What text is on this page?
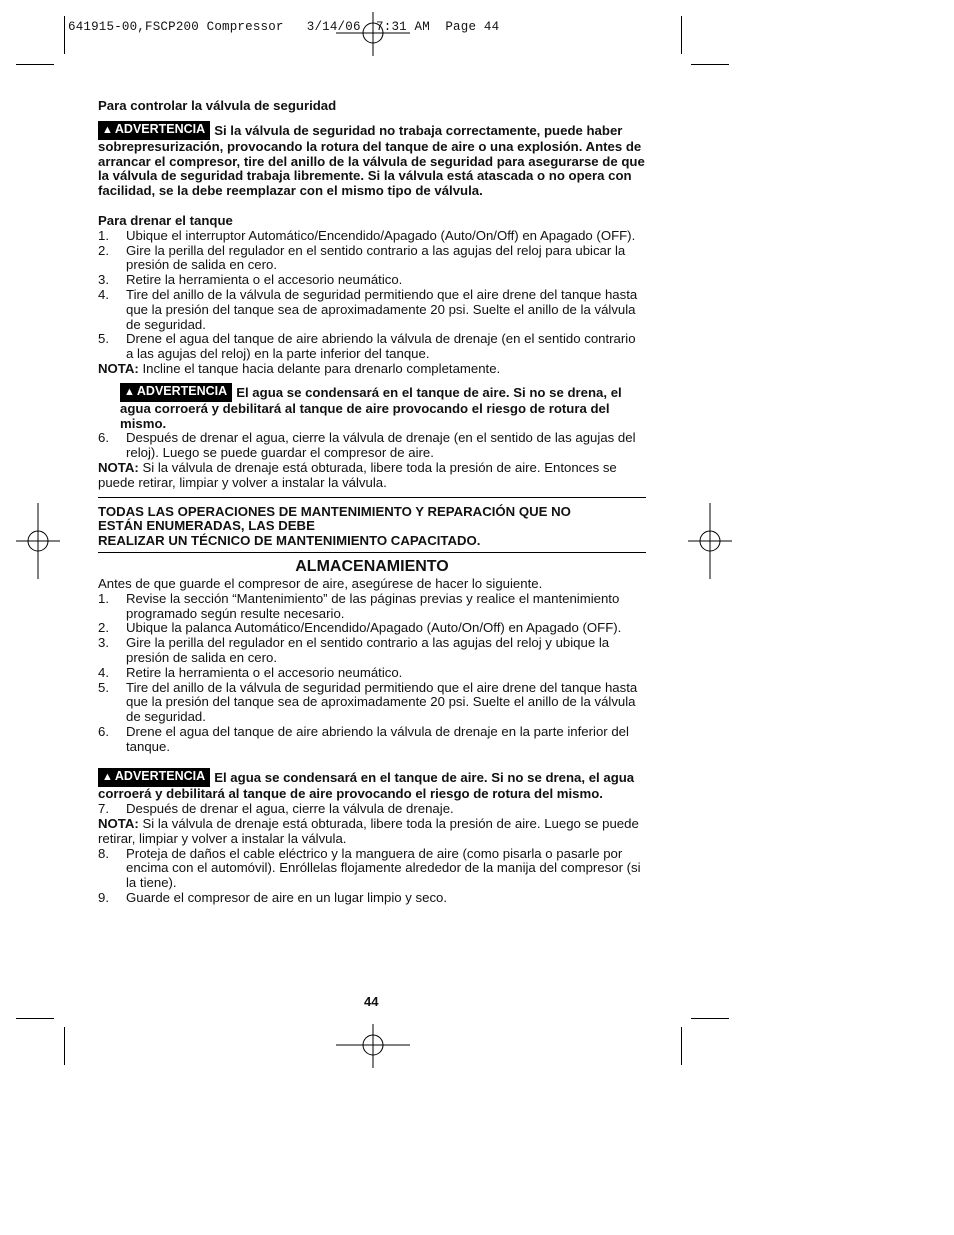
641915-00,FSCP200 Compressor   3/14/06  7:31 AM  Page 44

Para controlar la válvula de seguridad

▲ ADVERTENCIA Si la válvula de seguridad no trabaja correctamente, puede haber sobrepresurización, provocando la rotura del tanque de aire o una explosión. Antes de arrancar el compresor, tire del anillo de la válvula de seguridad para asegurarse de que la válvula de seguridad trabaja libremente. Si la válvula está atascada o no opera con facilidad, se la debe reemplazar con el mismo tipo de válvula.

Para drenar el tanque

1. Ubique el interruptor Automático/Encendido/Apagado (Auto/On/Off) en Apagado (OFF).
2. Gire la perilla del regulador en el sentido contrario a las agujas del reloj para ubicar la presión de salida en cero.
3. Retire la herramienta o el accesorio neumático.
4. Tire del anillo de la válvula de seguridad permitiendo que el aire drene del tanque hasta que la presión del tanque sea de aproximadamente 20 psi. Suelte el anillo de la válvula de seguridad.
5. Drene el agua del tanque de aire abriendo la válvula de drenaje (en el sentido contrario a las agujas del reloj) en la parte inferior del tanque.

NOTA: Incline el tanque hacia delante para drenarlo completamente.

▲ ADVERTENCIA El agua se condensará en el tanque de aire. Si no se drena, el agua corroerá y debilitará al tanque de aire provocando el riesgo de rotura del mismo.

6. Después de drenar el agua, cierre la válvula de drenaje (en el sentido de las agujas del reloj). Luego se puede guardar el compresor de aire.

NOTA: Si la válvula de drenaje está obturada, libere toda la presión de aire. Entonces se puede retirar, limpiar y volver a instalar la válvula.

TODAS LAS OPERACIONES DE MANTENIMIENTO Y REPARACIÓN QUE NO ESTÁN ENUMERADAS, LAS DEBE
REALIZAR UN TÉCNICO DE MANTENIMIENTO CAPACITADO.

ALMACENAMIENTO

Antes de que guarde el compresor de aire, asegúrese de hacer lo siguiente.

1. Revise la sección “Mantenimiento” de las páginas previas y realice el mantenimiento programado según resulte necesario.
2. Ubique la palanca Automático/Encendido/Apagado (Auto/On/Off) en Apagado (OFF).
3. Gire la perilla del regulador en el sentido contrario a las agujas del reloj y ubique la presión de salida en cero.
4. Retire la herramienta o el accesorio neumático.
5. Tire del anillo de la válvula de seguridad permitiendo que el aire drene del tanque hasta que la presión del tanque sea de aproximadamente 20 psi. Suelte el anillo de la válvula de seguridad.
6. Drene el agua del tanque de aire abriendo la válvula de drenaje en la parte inferior del tanque.

▲ ADVERTENCIA El agua se condensará en el tanque de aire. Si no se drena, el agua corroerá y debilitará al tanque de aire provocando el riesgo de rotura del mismo.

7. Después de drenar el agua, cierre la válvula de drenaje.

NOTA: Si la válvula de drenaje está obturada, libere toda la presión de aire. Luego se puede retirar, limpiar y volver a instalar la válvula.

8. Proteja de daños el cable eléctrico y la manguera de aire (como pisarla o pasarle por encima con el automóvil). Enróllelas flojamente alrededor de la manija del compresor (si la tiene).
9. Guarde el compresor de aire en un lugar limpio y seco.
44
